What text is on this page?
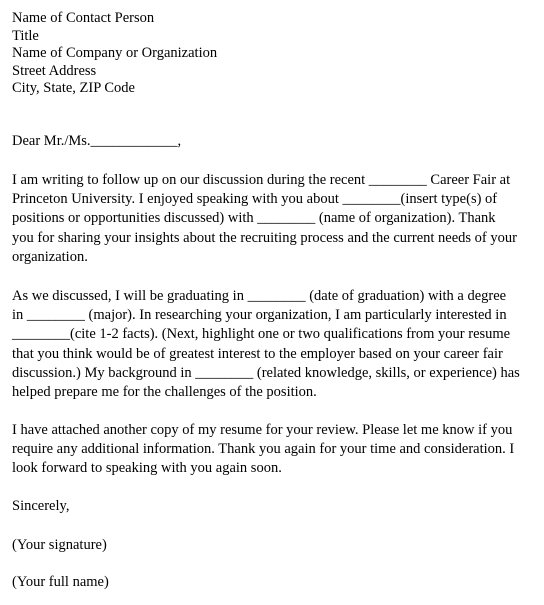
Name of Contact Person
Title
Name of Company or Organization
Street Address
City, State, ZIP Code
Dear Mr./Ms.____________,
I am writing to follow up on our discussion during the recent ________ Career Fair at
Princeton University. I enjoyed speaking with you about ________(insert type(s) of
positions or opportunities discussed) with ________ (name of organization). Thank
you for sharing your insights about the recruiting process and the current needs of your
organization.
As we discussed, I will be graduating in ________ (date of graduation) with a degree
in ________ (major). In researching your organization, I am particularly interested in
________(cite 1-2 facts). (Next, highlight one or two qualifications from your resume
that you think would be of greatest interest to the employer based on your career fair
discussion.) My background in ________ (related knowledge, skills, or experience) has
helped prepare me for the challenges of the position.
I have attached another copy of my resume for your review. Please let me know if you
require any additional information. Thank you again for your time and consideration. I
look forward to speaking with you again soon.
Sincerely,
(Your signature)
(Your full name)
